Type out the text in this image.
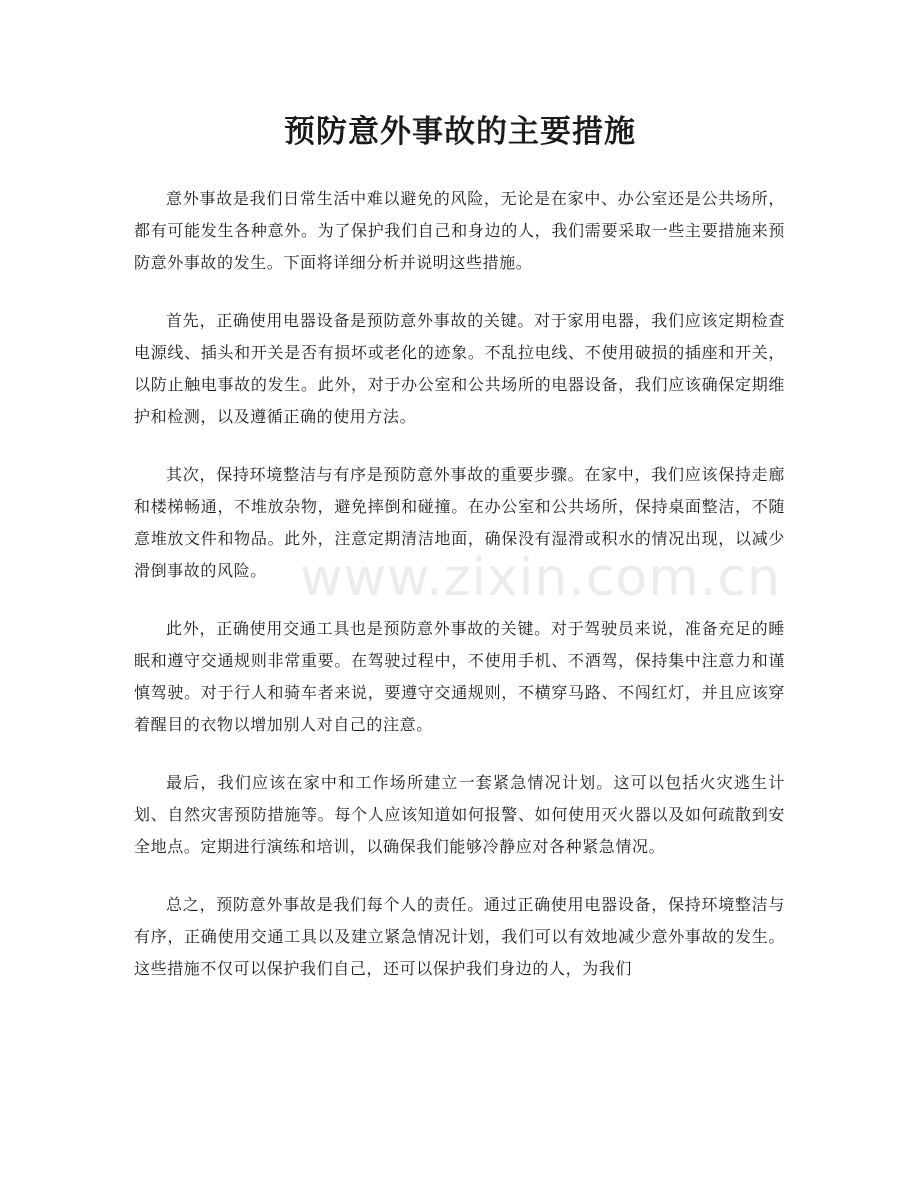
预防意外事故的主要措施

意外事故是我们日常生活中难以避免的风险，无论是在家中、办公室还是公共场所，都有可能发生各种意外。为了保护我们自己和身边的人，我们需要采取一些主要措施来预防意外事故的发生。下面将详细分析并说明这些措施。

首先，正确使用电器设备是预防意外事故的关键。对于家用电器，我们应该定期检查电源线、插头和开关是否有损坏或老化的迹象。不乱拉电线、不使用破损的插座和开关，以防止触电事故的发生。此外，对于办公室和公共场所的电器设备，我们应该确保定期维护和检测，以及遵循正确的使用方法。

其次，保持环境整洁与有序是预防意外事故的重要步骤。在家中，我们应该保持走廊和楼梯畅通，不堆放杂物，避免摔倒和碰撞。在办公室和公共场所，保持桌面整洁，不随意堆放文件和物品。此外，注意定期清洁地面，确保没有湿滑或积水的情况出现，以减少滑倒事故的风险。

此外，正确使用交通工具也是预防意外事故的关键。对于驾驶员来说，准备充足的睡眠和遵守交通规则非常重要。在驾驶过程中，不使用手机、不酒驾，保持集中注意力和谨慎驾驶。对于行人和骑车者来说，要遵守交通规则，不横穿马路、不闯红灯，并且应该穿着醒目的衣物以增加别人对自己的注意。

最后，我们应该在家中和工作场所建立一套紧急情况计划。这可以包括火灾逃生计划、自然灾害预防措施等。每个人应该知道如何报警、如何使用灭火器以及如何疏散到安全地点。定期进行演练和培训，以确保我们能够冷静应对各种紧急情况。

总之，预防意外事故是我们每个人的责任。通过正确使用电器设备，保持环境整洁与有序，正确使用交通工具以及建立紧急情况计划，我们可以有效地减少意外事故的发生。这些措施不仅可以保护我们自己，还可以保护我们身边的人，为我们

www.zixin.com.cn
